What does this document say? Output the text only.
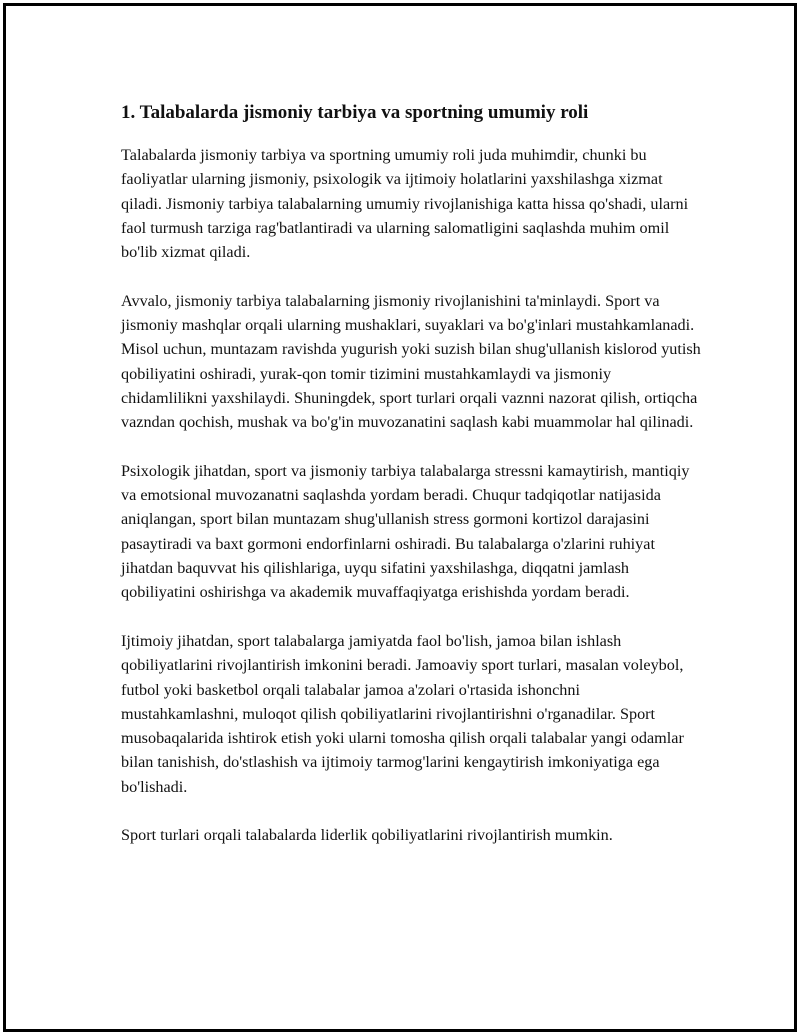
1. Talabalarda jismoniy tarbiya va sportning umumiy roli

Talabalarda jismoniy tarbiya va sportning umumiy roli juda muhimdir, chunki bu faoliyatlar ularning jismoniy, psixologik va ijtimoiy holatlarini yaxshilashga xizmat qiladi. Jismoniy tarbiya talabalarning umumiy rivojlanishiga katta hissa qo'shadi, ularni faol turmush tarziga rag'batlantiradi va ularning salomatligini saqlashda muhim omil bo'lib xizmat qiladi.

Avvalo, jismoniy tarbiya talabalarning jismoniy rivojlanishini ta'minlaydi. Sport va jismoniy mashqlar orqali ularning mushaklari, suyaklari va bo'g'inlari mustahkamlanadi. Misol uchun, muntazam ravishda yugurish yoki suzish bilan shug'ullanish kislorod yutish qobiliyatini oshiradi, yurak-qon tomir tizimini mustahkamlaydi va jismoniy chidamlilikni yaxshilaydi. Shuningdek, sport turlari orqali vaznni nazorat qilish, ortiqcha vazndan qochish, mushak va bo'g'in muvozanatini saqlash kabi muammolar hal qilinadi.

Psixologik jihatdan, sport va jismoniy tarbiya talabalarga stressni kamaytirish, mantiqiy va emotsional muvozanatni saqlashda yordam beradi. Chuqur tadqiqotlar natijasida aniqlangan, sport bilan muntazam shug'ullanish stress gormoni kortizol darajasini pasaytiradi va baxt gormoni endorfinlarni oshiradi. Bu talabalarga o'zlarini ruhiyat jihatdan baquvvat his qilishlariga, uyqu sifatini yaxshilashga, diqqatni jamlash qobiliyatini oshirishga va akademik muvaffaqiyatga erishishda yordam beradi.

Ijtimoiy jihatdan, sport talabalarga jamiyatda faol bo'lish, jamoa bilan ishlash qobiliyatlarini rivojlantirish imkonini beradi. Jamoaviy sport turlari, masalan voleybol, futbol yoki basketbol orqali talabalar jamoa a'zolari o'rtasida ishonchni mustahkamlashni, muloqot qilish qobiliyatlarini rivojlantirishni o'rganadilar. Sport musobaqalarida ishtirok etish yoki ularni tomosha qilish orqali talabalar yangi odamlar bilan tanishish, do'stlashish va ijtimoiy tarmog'larini kengaytirish imkoniyatiga ega bo'lishadi.

Sport turlari orqali talabalarda liderlik qobiliyatlarini rivojlantirish mumkin.
